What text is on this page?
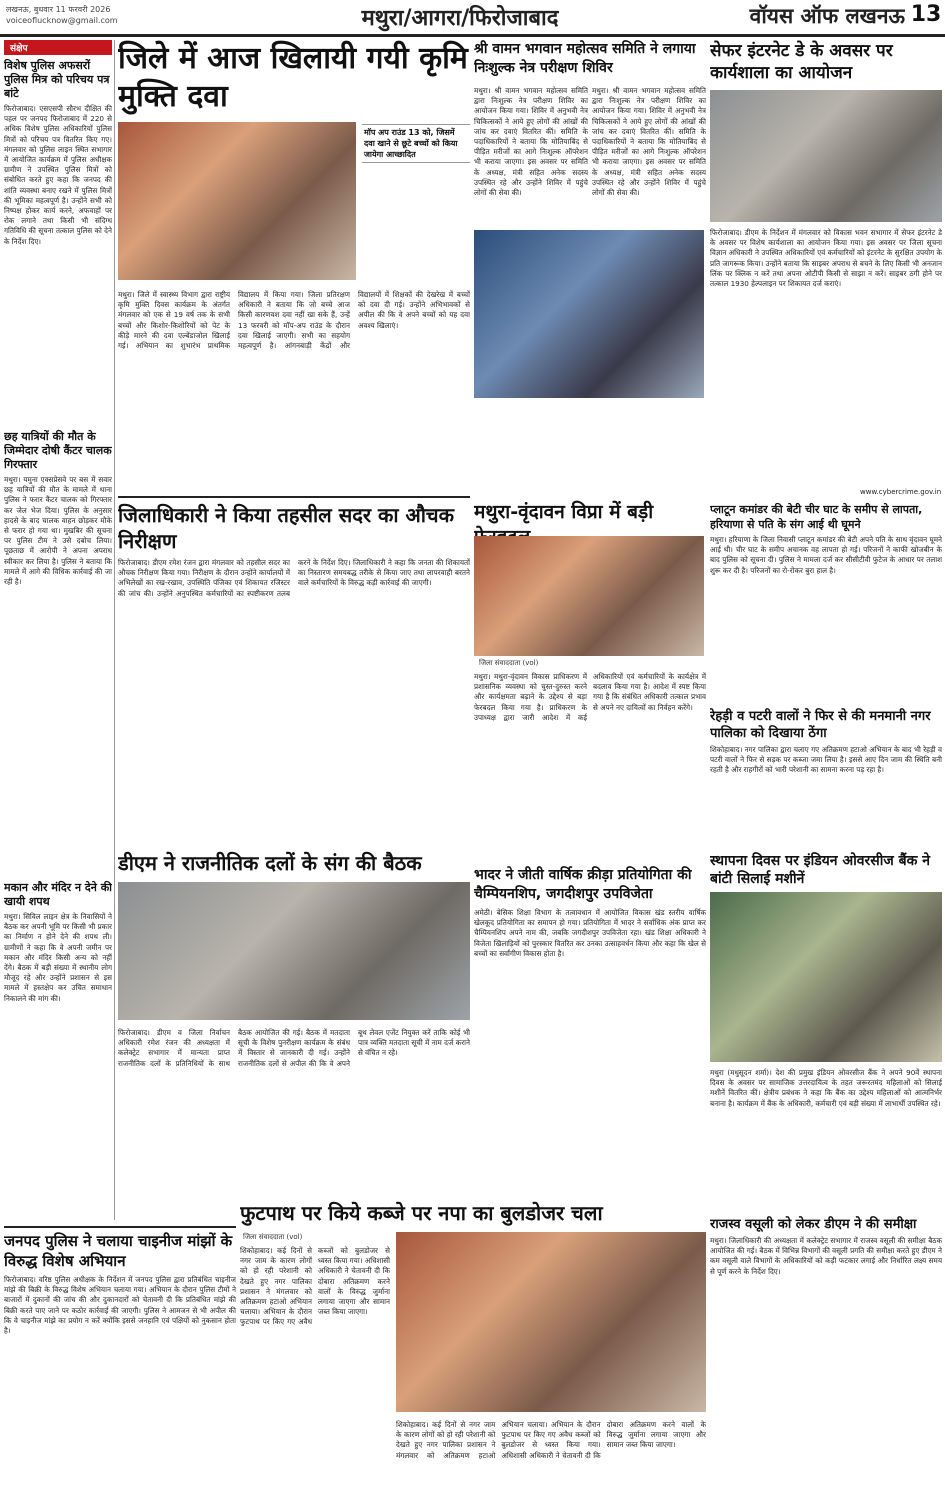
लखनऊ, बुधवार 11 फरवरी 2026
voiceoflucknow@gmail.com	मथुरा/आगरा/फिरोजाबाद	वॉयस ऑफ लखनऊ 13
संक्षेप
विशेष पुलिस अफसरों पुलिस मित्र को परिचय पत्र बांटे
फिरोजाबाद। एसएसपी सौरभ दीक्षित की पहल पर जनपद फिरोजाबाद में 220 से अधिक विशेष पुलिस अधिकारियों पुलिस मित्रों को परिचय पत्र वितरित किए गए। मंगलवार को पुलिस लाइन स्थित सभागार में आयोजित कार्यक्रम में पुलिस अधीक्षक ग्रामीण ने उपस्थित पुलिस मित्रों को संबोधित करते हुए कहा कि जनपद की शांति व्यवस्था बनाए रखने में पुलिस मित्रों की भूमिका महत्वपूर्ण है। उन्होंने सभी को निष्पक्ष होकर कार्य करने, अफवाहों पर रोक लगाने तथा किसी भी संदिग्ध गतिविधि की सूचना तत्काल पुलिस को देने के निर्देश दिए।
छह यात्रियों की मौत के जिम्मेदार दोषी कैंटर चालक गिरफ्तार
मथुरा। यमुना एक्सप्रेसवे पर बस में सवार छह यात्रियों की मौत के मामले में थाना पुलिस ने फरार कैंटर चालक को गिरफ्तार कर जेल भेज दिया। पुलिस के अनुसार हादसे के बाद चालक वाहन छोड़कर मौके से फरार हो गया था। मुखबिर की सूचना पर पुलिस टीम ने उसे दबोच लिया। पूछताछ में आरोपी ने अपना अपराध स्वीकार कर लिया है। पुलिस ने बताया कि मामले में आगे की विधिक कार्रवाई की जा रही है।
मकान और मंदिर न देने की खायी शपथ
मथुरा। सिविल लाइन क्षेत्र के निवासियों ने बैठक कर अपनी भूमि पर किसी भी प्रकार का निर्माण न होने देने की शपथ ली। ग्रामीणों ने कहा कि वे अपनी जमीन पर मकान और मंदिर किसी अन्य को नहीं देंगे। बैठक में बड़ी संख्या में स्थानीय लोग मौजूद रहे और उन्होंने प्रशासन से इस मामले में हस्तक्षेप कर उचित समाधान निकालने की मांग की।
जिले में आज खिलायी गयी कृमि मुक्ति दवा
मॉप अप राउंड 13 को, जिसमें दवा खाने से छूटे बच्चों को किया जायेगा आच्छादित
मथुरा। जिले में स्वास्थ्य विभाग द्वारा राष्ट्रीय कृमि मुक्ति दिवस कार्यक्रम के अंतर्गत मंगलवार को एक से 19 वर्ष तक के सभी बच्चों और किशोर-किशोरियों को पेट के कीड़े मारने की दवा एल्बेंडाजोल खिलाई गई। अभियान का शुभारंभ प्राथमिक विद्यालय में किया गया। जिला प्रतिरक्षण अधिकारी ने बताया कि जो बच्चे आज किसी कारणवश दवा नहीं खा सके हैं, उन्हें 13 फरवरी को मॉप-अप राउंड के दौरान दवा खिलाई जाएगी। सभी का सहयोग महत्वपूर्ण है। आंगनबाड़ी केंद्रों और विद्यालयों में शिक्षकों की देखरेख में बच्चों को दवा दी गई। उन्होंने अभिभावकों से अपील की कि वे अपने बच्चों को यह दवा अवश्य खिलाएं।
श्री वामन भगवान महोत्सव समिति ने लगाया निःशुल्क नेत्र परीक्षण शिविर
मथुरा। श्री वामन भगवान महोत्सव समिति द्वारा निःशुल्क नेत्र परीक्षण शिविर का आयोजन किया गया। शिविर में अनुभवी नेत्र चिकित्सकों ने आये हुए लोगों की आंखों की जांच कर दवाएं वितरित कीं। समिति के पदाधिकारियों ने बताया कि मोतियाबिंद से पीड़ित मरीजों का आगे निःशुल्क ऑपरेशन भी कराया जाएगा। इस अवसर पर समिति के अध्यक्ष, मंत्री सहित अनेक सदस्य उपस्थित रहे और उन्होंने शिविर में पहुंचे लोगों की सेवा की।
मथुरा। श्री वामन भगवान महोत्सव समिति द्वारा निःशुल्क नेत्र परीक्षण शिविर का आयोजन किया गया। शिविर में अनुभवी नेत्र चिकित्सकों ने आये हुए लोगों की आंखों की जांच कर दवाएं वितरित कीं। समिति के पदाधिकारियों ने बताया कि मोतियाबिंद से पीड़ित मरीजों का आगे निःशुल्क ऑपरेशन भी कराया जाएगा। इस अवसर पर समिति के अध्यक्ष, मंत्री सहित अनेक सदस्य उपस्थित रहे और उन्होंने शिविर में पहुंचे लोगों की सेवा की।
सेफर इंटरनेट डे के अवसर पर कार्यशाला का आयोजन
फिरोजाबाद। डीएम के निर्देशन में मंगलवार को विकास भवन सभागार में सेफर इंटरनेट डे के अवसर पर विशेष कार्यशाला का आयोजन किया गया। इस अवसर पर जिला सूचना विज्ञान अधिकारी ने उपस्थित अधिकारियों एवं कर्मचारियों को इंटरनेट के सुरक्षित उपयोग के प्रति जागरूक किया। उन्होंने बताया कि साइबर अपराध से बचने के लिए किसी भी अनजान लिंक पर क्लिक न करें तथा अपना ओटीपी किसी से साझा न करें। साइबर ठगी होने पर तत्काल 1930 हेल्पलाइन पर शिकायत दर्ज कराएं।
www.cybercrime.gov.in
जिलाधिकारी ने किया तहसील सदर का औचक निरीक्षण
फिरोजाबाद। डीएम रमेश रंजन द्वारा मंगलवार को तहसील सदर का औचक निरीक्षण किया गया। निरीक्षण के दौरान उन्होंने कार्यालयों में अभिलेखों का रख-रखाव, उपस्थिति पंजिका एवं शिकायत रजिस्टर की जांच की। उन्होंने अनुपस्थित कर्मचारियों का स्पष्टीकरण तलब करने के निर्देश दिए। जिलाधिकारी ने कहा कि जनता की शिकायतों का निस्तारण समयबद्ध तरीके से किया जाए तथा लापरवाही बरतने वाले कर्मचारियों के विरुद्ध कड़ी कार्रवाई की जाएगी।
मथुरा-वृंदावन विप्रा में बड़ी
जिला संवाददाता (vol)
मथुरा। मथुरा-वृंदावन विकास प्राधिकरण में प्रशासनिक व्यवस्था को चुस्त-दुरुस्त करने और कार्यक्षमता बढ़ाने के उद्देश्य से बड़ा फेरबदल किया गया है। प्राधिकरण के उपाध्यक्ष द्वारा जारी आदेश में कई अधिकारियों एवं कर्मचारियों के कार्यक्षेत्र में बदलाव किया गया है। आदेश में स्पष्ट किया गया है कि संबंधित अधिकारी तत्काल प्रभाव से अपने नए दायित्वों का निर्वहन करेंगे।
प्लाटून कमांडर की बेटी चीर घाट के समीप से लापता, हरियाणा से पति के संग आई थी घूमने
मथुरा। हरियाणा के जिला निवासी प्लाटून कमांडर की बेटी अपने पति के साथ वृंदावन घूमने आई थी। चीर घाट के समीप अचानक वह लापता हो गई। परिजनों ने काफी खोजबीन के बाद पुलिस को सूचना दी। पुलिस ने मामला दर्ज कर सीसीटीवी फुटेज के आधार पर तलाश शुरू कर दी है। परिजनों का रो-रोकर बुरा हाल है।
रेहड़ी व पटरी वालों ने फिर से की मनमानी नगर पालिका को दिखाया ठेंगा
शिकोहाबाद। नगर पालिका द्वारा चलाए गए अतिक्रमण हटाओ अभियान के बाद भी रेहड़ी व पटरी वालों ने फिर से सड़क पर कब्जा जमा लिया है। इससे आए दिन जाम की स्थिति बनी रहती है और राहगीरों को भारी परेशानी का सामना करना पड़ रहा है।
डीएम ने राजनीतिक दलों के संग की बैठक
फिरोजाबाद। डीएम व जिला निर्वाचन अधिकारी रमेश रंजन की अध्यक्षता में कलेक्ट्रेट सभागार में मान्यता प्राप्त राजनीतिक दलों के प्रतिनिधियों के साथ बैठक आयोजित की गई। बैठक में मतदाता सूची के विशेष पुनरीक्षण कार्यक्रम के संबंध में विस्तार से जानकारी दी गई। उन्होंने राजनीतिक दलों से अपील की कि वे अपने बूथ लेवल एजेंट नियुक्त करें ताकि कोई भी पात्र व्यक्ति मतदाता सूची में नाम दर्ज कराने से वंचित न रहे।
भादर ने जीती वार्षिक क्रीड़ा प्रतियोगिता की चैम्पियनशिप, जगदीशपुर उपविजेता
अमेठी। बेसिक शिक्षा विभाग के तत्वावधान में आयोजित विकास खंड स्तरीय वार्षिक खेलकूद प्रतियोगिता का समापन हो गया। प्रतियोगिता में भादर ने सर्वाधिक अंक प्राप्त कर चैम्पियनशिप अपने नाम की, जबकि जगदीशपुर उपविजेता रहा। खंड शिक्षा अधिकारी ने विजेता खिलाड़ियों को पुरस्कार वितरित कर उनका उत्साहवर्धन किया और कहा कि खेल से बच्चों का सर्वांगीण विकास होता है।
स्थापना दिवस पर इंडियन ओवरसीज बैंक ने बांटी सिलाई मशीनें
मथुरा (मधुसूदन शर्मा)। देश की प्रमुख इंडियन ओवरसीज बैंक ने अपने 90वें स्थापना दिवस के अवसर पर सामाजिक उत्तरदायित्व के तहत जरूरतमंद महिलाओं को सिलाई मशीनें वितरित कीं। क्षेत्रीय प्रबंधक ने कहा कि बैंक का उद्देश्य महिलाओं को आत्मनिर्भर बनाना है। कार्यक्रम में बैंक के अधिकारी, कर्मचारी एवं बड़ी संख्या में लाभार्थी उपस्थित रहे।
राजस्व वसूली को लेकर डीएम ने की समीक्षा
मथुरा। जिलाधिकारी की अध्यक्षता में कलेक्ट्रेट सभागार में राजस्व वसूली की समीक्षा बैठक आयोजित की गई। बैठक में विभिन्न विभागों की वसूली प्रगति की समीक्षा करते हुए डीएम ने कम वसूली वाले विभागों के अधिकारियों को कड़ी फटकार लगाई और निर्धारित लक्ष्य समय से पूर्ण करने के निर्देश दिए।
जनपद पुलिस ने चलाया चाइनीज मांझों के विरुद्ध विशेष अभियान
फिरोजाबाद। वरिष्ठ पुलिस अधीक्षक के निर्देशन में जनपद पुलिस द्वारा प्रतिबंधित चाइनीज मांझे की बिक्री के विरुद्ध विशेष अभियान चलाया गया। अभियान के दौरान पुलिस टीमों ने बाजारों में दुकानों की जांच की और दुकानदारों को चेतावनी दी कि प्रतिबंधित मांझे की बिक्री करते पाए जाने पर कठोर कार्रवाई की जाएगी। पुलिस ने आमजन से भी अपील की कि वे चाइनीज मांझे का प्रयोग न करें क्योंकि इससे जनहानि एवं पक्षियों को नुकसान होता है।
फुटपाथ पर किये कब्जे पर नपा का बुलडोजर चला
जिला संवाददाता (vol)
शिकोहाबाद। कई दिनों से नगर जाम के कारण लोगों को हो रही परेशानी को देखते हुए नगर पालिका प्रशासन ने मंगलवार को अतिक्रमण हटाओ अभियान चलाया। अभियान के दौरान फुटपाथ पर किए गए अवैध कब्जों को बुलडोजर से ध्वस्त किया गया। अधिशासी अधिकारी ने चेतावनी दी कि दोबारा अतिक्रमण करने वालों के विरुद्ध जुर्माना लगाया जाएगा और सामान जब्त किया जाएगा।
शिकोहाबाद। कई दिनों से नगर जाम के कारण लोगों को हो रही परेशानी को देखते हुए नगर पालिका प्रशासन ने मंगलवार को अतिक्रमण हटाओ अभियान चलाया। अभियान के दौरान फुटपाथ पर किए गए अवैध कब्जों को बुलडोजर से ध्वस्त किया गया। अधिशासी अधिकारी ने चेतावनी दी कि दोबारा अतिक्रमण करने वालों के विरुद्ध जुर्माना लगाया जाएगा और सामान जब्त किया जाएगा।
